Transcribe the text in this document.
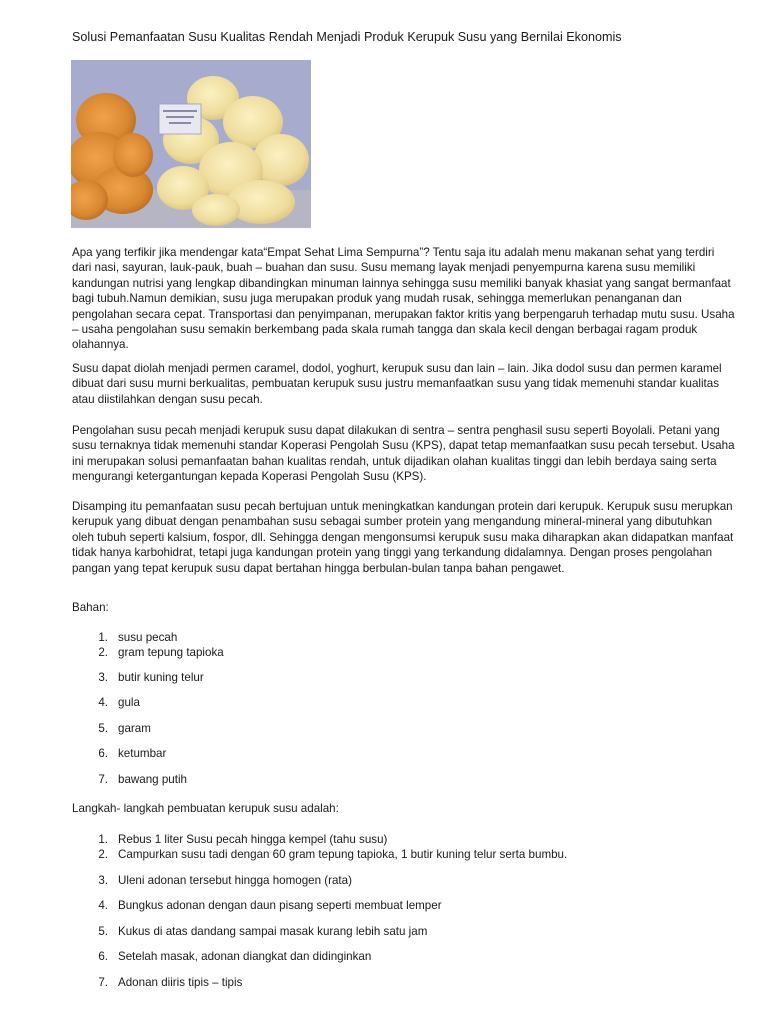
Solusi Pemanfaatan Susu Kualitas Rendah Menjadi Produk Kerupuk Susu yang Bernilai Ekonomis

Apa yang terfikir jika mendengar kata“Empat Sehat Lima Sempurna”? Tentu saja itu adalah menu makanan sehat yang terdiri dari nasi, sayuran, lauk-pauk, buah – buahan dan susu. Susu memang layak menjadi penyempurna karena susu memiliki kandungan nutrisi yang lengkap dibandingkan minuman lainnya sehingga susu memiliki banyak khasiat yang sangat bermanfaat bagi tubuh.Namun demikian, susu juga merupakan produk yang mudah rusak, sehingga memerlukan penanganan dan pengolahan secara cepat. Transportasi dan penyimpanan, merupakan faktor kritis yang berpengaruh terhadap mutu susu. Usaha – usaha pengolahan susu semakin berkembang pada skala rumah tangga dan skala kecil dengan berbagai ragam produk olahannya.

Susu dapat diolah menjadi permen caramel, dodol, yoghurt, kerupuk susu dan lain – lain. Jika dodol susu dan permen karamel dibuat dari susu murni berkualitas, pembuatan kerupuk susu justru memanfaatkan susu yang tidak memenuhi standar kualitas atau diistilahkan dengan susu pecah.

Pengolahan susu pecah menjadi kerupuk susu dapat dilakukan di sentra – sentra penghasil susu seperti Boyolali. Petani yang susu ternaknya tidak memenuhi standar Koperasi Pengolah Susu (KPS), dapat tetap memanfaatkan susu pecah tersebut. Usaha ini merupakan solusi pemanfaatan bahan kualitas rendah, untuk dijadikan olahan kualitas tinggi dan lebih berdaya saing serta mengurangi ketergantungan kepada Koperasi Pengolah Susu (KPS).

Disamping itu pemanfaatan susu pecah bertujuan untuk meningkatkan kandungan protein dari kerupuk. Kerupuk susu merupkan kerupuk yang dibuat dengan penambahan susu sebagai sumber protein yang mengandung mineral-mineral yang dibutuhkan oleh tubuh seperti kalsium, fospor, dll. Sehingga dengan mengonsumsi kerupuk susu maka diharapkan akan didapatkan manfaat tidak hanya karbohidrat, tetapi juga kandungan protein yang tinggi yang terkandung didalamnya. Dengan proses pengolahan pangan yang tepat kerupuk susu dapat bertahan hingga berbulan-bulan tanpa bahan pengawet.

Bahan:

1. susu pecah
2. gram tepung tapioka
3. butir kuning telur
4. gula
5. garam
6. ketumbar
7. bawang putih

Langkah- langkah pembuatan kerupuk susu adalah:

1. Rebus 1 liter Susu pecah hingga kempel (tahu susu)
2. Campurkan susu tadi dengan 60 gram tepung tapioka, 1 butir kuning telur serta bumbu.
3. Uleni adonan tersebut hingga homogen (rata)
4. Bungkus adonan dengan daun pisang seperti membuat lemper
5. Kukus di atas dandang sampai masak kurang lebih satu jam
6. Setelah masak, adonan diangkat dan didinginkan
7. Adonan diiris tipis – tipis
